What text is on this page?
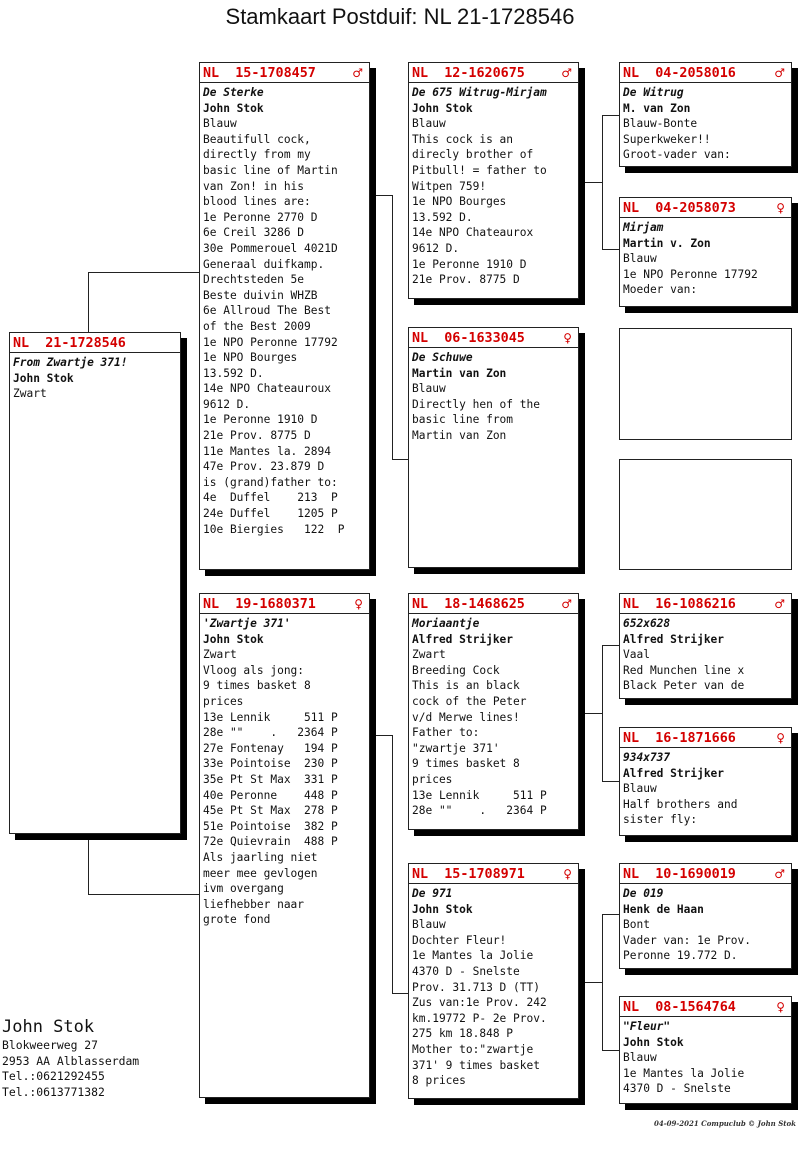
Stamkaart Postduif: NL 21-1728546
NL  21-1728546
From Zwartje 371!
John Stok
Zwart
NL  15-1708457	♂
De Sterke
John Stok
Blauw
Beautifull cock,
directly from my
basic line of Martin
van Zon! in his
blood lines are:
1e Peronne 2770 D
6e Creil 3286 D
30e Pommerouel 4021D
Generaal duifkamp.
Drechtsteden 5e
Beste duivin WHZB
6e Allroud The Best
of the Best 2009
1e NPO Peronne 17792
1e NPO Bourges
13.592 D.
14e NPO Chateauroux
9612 D.
1e Peronne 1910 D
21e Prov. 8775 D
11e Mantes la. 2894
47e Prov. 23.879 D
is (grand)father to:
4e  Duffel    213  P
24e Duffel    1205 P
10e Biergies   122  P
NL  19-1680371	♀
'Zwartje 371'
John Stok
Zwart
Vloog als jong:
9 times basket 8
prices
13e Lennik     511 P
28e ""    .   2364 P
27e Fontenay   194 P
33e Pointoise  230 P
35e Pt St Max  331 P
40e Peronne    448 P
45e Pt St Max  278 P
51e Pointoise  382 P
72e Quievrain  488 P
Als jaarling niet
meer mee gevlogen
ivm overgang
liefhebber naar
grote fond
NL  12-1620675	♂
De 675 Witrug-Mirjam
John Stok
Blauw
This cock is an
direcly brother of
Pitbull! = father to
Witpen 759!
1e NPO Bourges
13.592 D.
14e NPO Chateaurox
9612 D.
1e Peronne 1910 D
21e Prov. 8775 D
NL  06-1633045	♀
De Schuwe
Martin van Zon
Blauw
Directly hen of the
basic line from
Martin van Zon
NL  18-1468625	♂
Moriaantje
Alfred Strijker
Zwart
Breeding Cock
This is an black
cock of the Peter
v/d Merwe lines!
Father to:
"zwartje 371'
9 times basket 8
prices
13e Lennik     511 P
28e ""    .   2364 P
NL  15-1708971	♀
De 971
John Stok
Blauw
Dochter Fleur!
1e Mantes la Jolie
4370 D - Snelste
Prov. 31.713 D (TT)
Zus van:1e Prov. 242
km.19772 P- 2e Prov.
275 km 18.848 P
Mother to:"zwartje
371' 9 times basket
8 prices
NL  04-2058016	♂
De Witrug
M. van Zon
Blauw-Bonte
Superkweker!!
Groot-vader van:
NL  04-2058073	♀
Mirjam
Martin v. Zon
Blauw
1e NPO Peronne 17792
Moeder van:
NL  16-1086216	♂
652x628
Alfred Strijker
Vaal
Red Munchen line x
Black Peter van de
NL  16-1871666	♀
934x737
Alfred Strijker
Blauw
Half brothers and
sister fly:
NL  10-1690019	♂
De 019
Henk de Haan
Bont
Vader van: 1e Prov.
Peronne 19.772 D.
NL  08-1564764	♀
"Fleur"
John Stok
Blauw
1e Mantes la Jolie
4370 D - Snelste
John Stok
Blokweerweg 27
2953 AA Alblasserdam
Tel.:0621292455
Tel.:0613771382
04-09-2021 Compuclub © John Stok
